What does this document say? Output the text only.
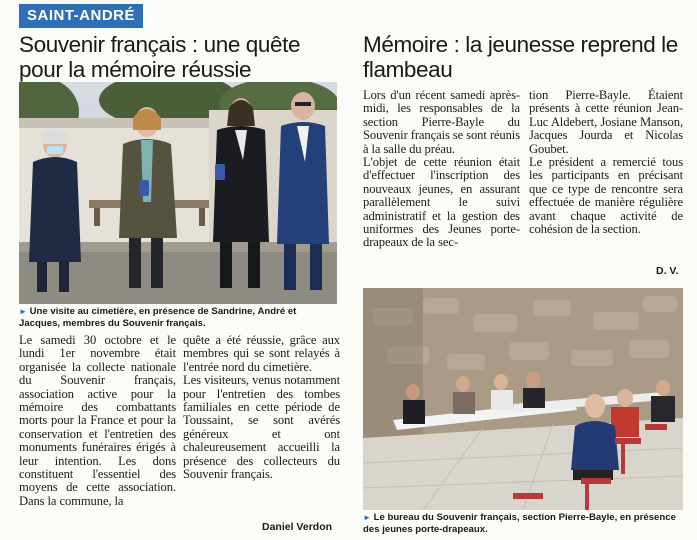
SAINT-ANDRÉ
Souvenir français : une quête pour la mémoire réussie
Mémoire : la jeunesse reprend le flambeau
► Une visite au cimetière, en présence de Sandrine, André et Jacques, membres du Souvenir français.

Le samedi 30 octobre et le lundi 1er novembre était organisée la collecte nationale du Souvenir français, association active pour la mémoire des combattants morts pour la France et pour la conservation et l'entretien des monuments funéraires érigés à leur intention. Les dons constituent l'essentiel des moyens de cette association. Dans la commune, la

quête a été réussie, grâce aux membres qui se sont relayés à l'entrée nord du cimetière.

Les visiteurs, venus notamment pour l'entretien des tombes familiales en cette période de Toussaint, se sont avérés généreux et ont chaleureusement accueilli la présence des collecteurs du Souvenir français.

Daniel Verdon

Lors d'un récent samedi après-midi, les responsables de la section Pierre-Bayle du Souvenir français se sont réunis à la salle du préau.

L'objet de cette réunion était d'effectuer l'inscription des nouveaux jeunes, en assurant parallèlement le suivi administratif et la gestion des uniformes des Jeunes porte-drapeaux de la sec-

tion Pierre-Bayle. Étaient présents à cette réunion Jean-Luc Aldebert, Josiane Manson, Jacques Jourda et Nicolas Goubet.

Le président a remercié tous les participants en précisant que ce type de rencontre sera effectuée de manière régulière avant chaque activité de cohésion de la section.

D. V.
► Le bureau du Souvenir français, section Pierre-Bayle, en présence des jeunes porte-drapeaux.
